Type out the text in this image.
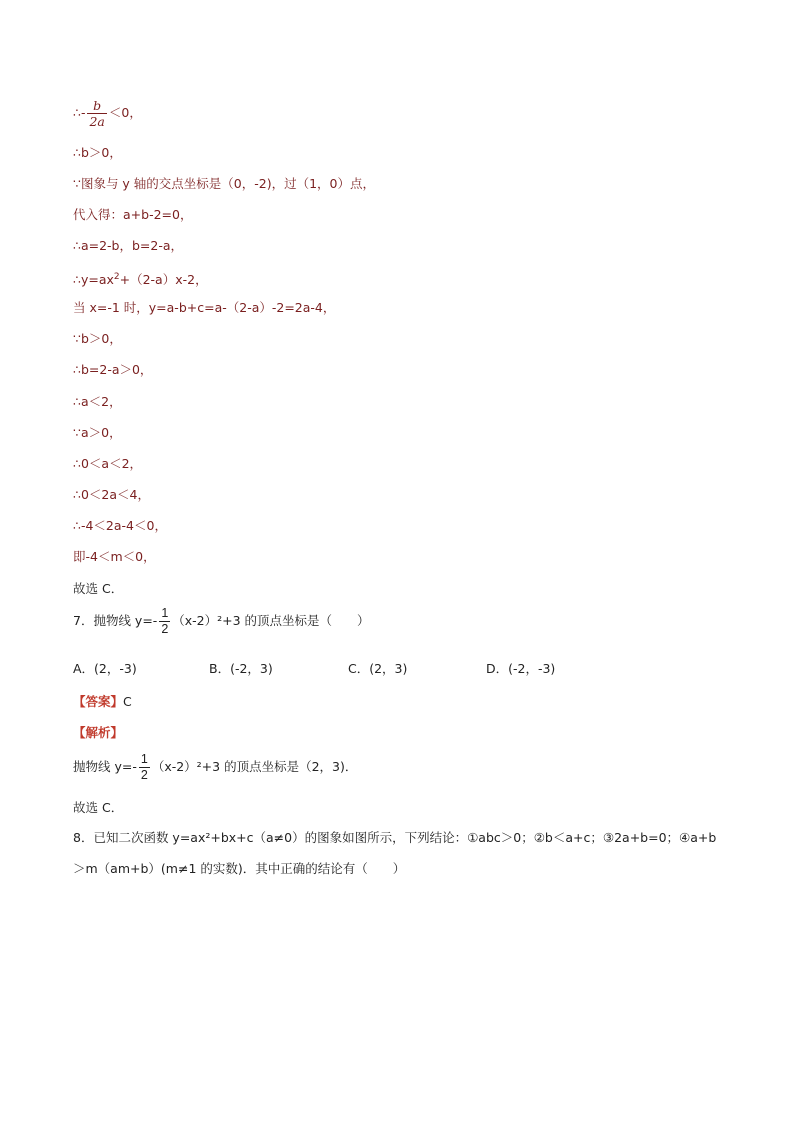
∴- $\frac{b}{2a} <0$，
∴b＞0，
∵图象与 y 轴的交点坐标是（0，-2)，过（1，0）点，
代入得：a+b-2=0，
∴a=2-b，b=2-a，
$\therefore y=ax^2+(2-a)x-2$，
当 x=-1 时，y=a-b+c=a-（2-a）-2=2a-4，
∵b＞0，
∴b=2-a＞0，
∴a＜2，
∵a＞0，
∴0＜a＜2，
∴0＜2a＜4，
∴-4＜2a-4＜0，
即-4＜m＜0，
故选 C．
7．抛物线 $y=- \frac{1}{2} (x-2)^2+3$ 的顶点坐标是（　　）
A．(2，-3)	B．(-2，3)	C．(2，3)	D．(-2，-3)
【答案】C
【解析】
抛物线 $y=- \frac{1}{2} (x-2)^2+3$ 的顶点坐标是（2，3)．
故选 C．
8．已知二次函数 y=ax²+bx+c（a≠0）的图象如图所示，下列结论：①abc＞0；②b＜a+c；③2a+b=0；④a+b
＞m（am+b）(m≠1 的实数)．其中正确的结论有（　　）
